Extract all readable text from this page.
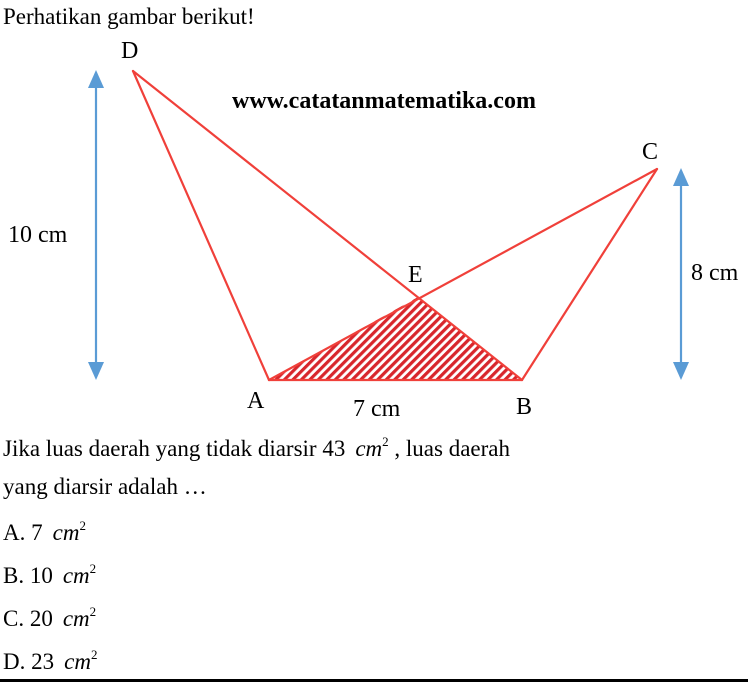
Perhatikan gambar berikut!

www.catatanmatematika.com
D
C
E
A	B
10 cm
8 cm
7 cm

Jika luas daerah yang tidak diarsir 43 $cm^2$ , luas daerah

yang diarsir adalah …

A. 7 $cm^2$

B. 10 $cm^2$

C. 20 $cm^2$

D. 23 $cm^2$
